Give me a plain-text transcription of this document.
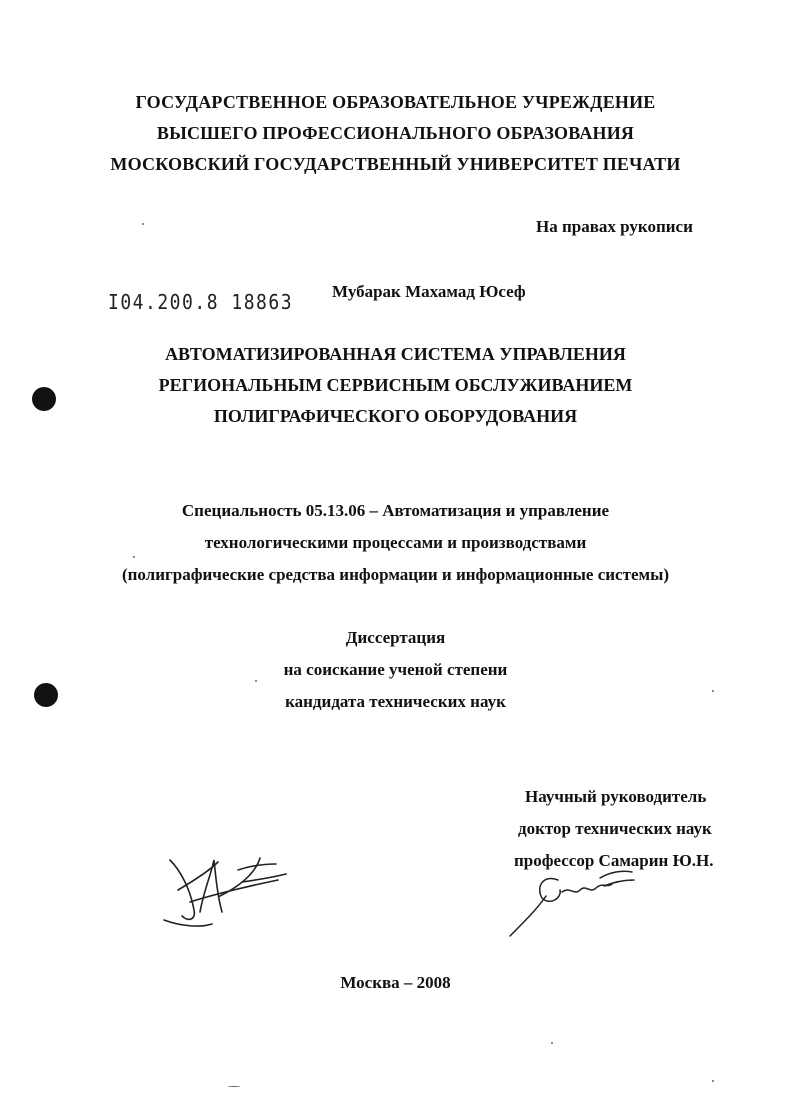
ГОСУДАРСТВЕННОЕ ОБРАЗОВАТЕЛЬНОЕ УЧРЕЖДЕНИЕ
ВЫСШЕГО ПРОФЕССИОНАЛЬНОГО ОБРАЗОВАНИЯ
МОСКОВСКИЙ ГОСУДАРСТВЕННЫЙ УНИВЕРСИТЕТ ПЕЧАТИ
На правах рукописи
I04.200.8 18863 Мубарак Махамад Юсеф
АВТОМАТИЗИРОВАННАЯ СИСТЕМА УПРАВЛЕНИЯ
РЕГИОНАЛЬНЫМ СЕРВИСНЫМ ОБСЛУЖИВАНИЕМ
ПОЛИГРАФИЧЕСКОГО ОБОРУДОВАНИЯ
Специальность 05.13.06 – Автоматизация и управление
технологическими процессами и производствами
(полиграфические средства информации и информационные системы)
Диссертация
на соискание ученой степени
кандидата технических наук
Научный руководитель
доктор технических наук
профессор Самарин Ю.Н.
Москва – 2008
